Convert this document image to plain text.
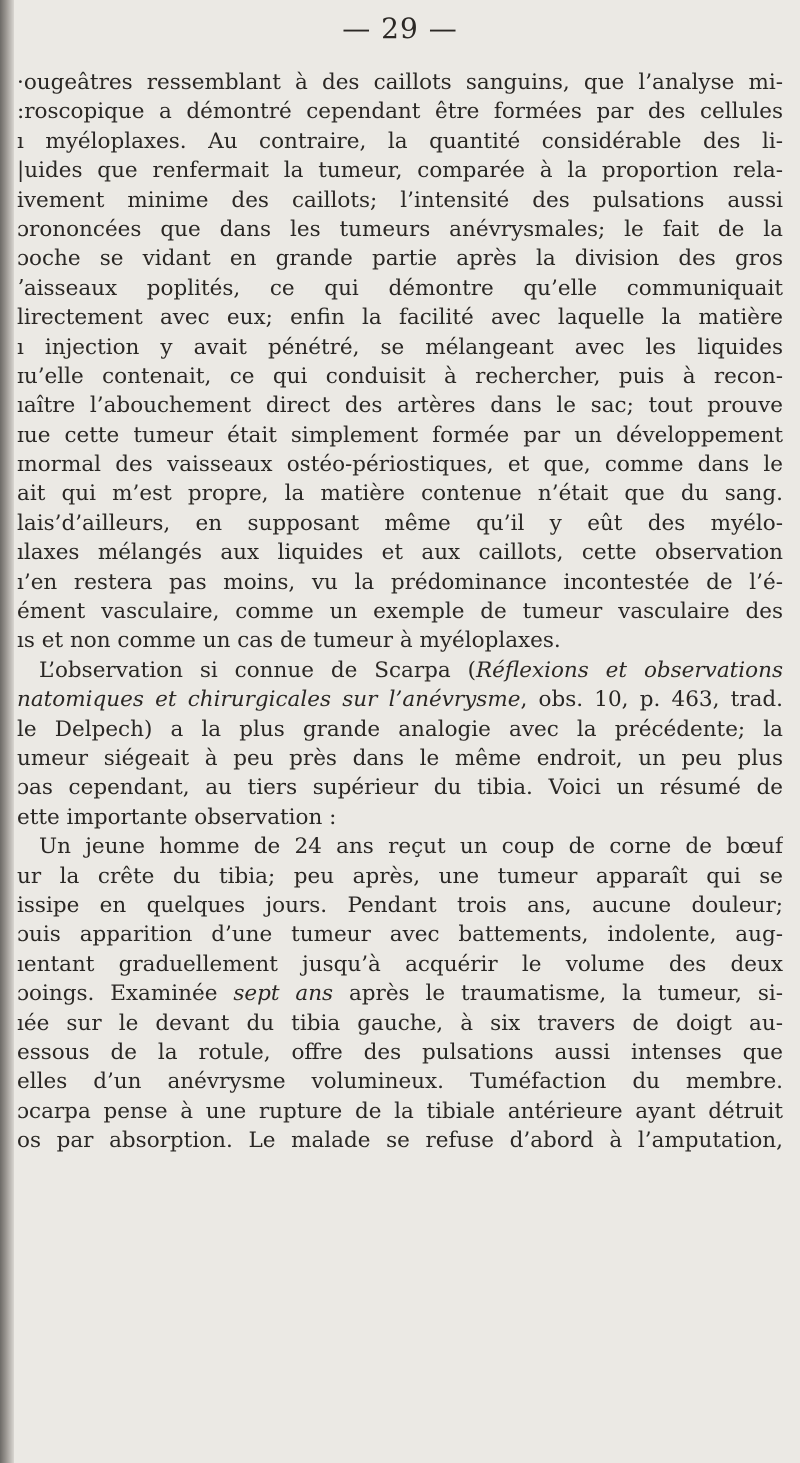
— 29 —
·ougeâtres ressemblant à des caillots sanguins, que l’analyse mi-
:roscopique a démontré cependant être formées par des cellules
ı myéloplaxes. Au contraire, la quantité considérable des li-
|uides que renfermait la tumeur, comparée à la proportion rela-
ivement minime des caillots; l’intensité des pulsations aussi
ɔrononcées que dans les tumeurs anévrysmales; le fait de la
ɔoche se vidant en grande partie après la division des gros
ʼaisseaux poplités, ce qui démontre qu’elle communiquait
lirectement avec eux; enfin la facilité avec laquelle la matière
ı injection y avait pénétré, se mélangeant avec les liquides
ɪu’elle contenait, ce qui conduisit à rechercher, puis à recon-
ıaître l’abouchement direct des artères dans le sac; tout prouve
ɪue cette tumeur était simplement formée par un développement
ɪnormal des vaisseaux ostéo-périostiques, et que, comme dans le
ait qui m’est propre, la matière contenue n’était que du sang.
lais’d’ailleurs, en supposant même qu’il y eût des myélo-
ılaxes mélangés aux liquides et aux caillots, cette observation
ı’en restera pas moins, vu la prédominance incontestée de l’é-
ément vasculaire, comme un exemple de tumeur vasculaire des
ıs et non comme un cas de tumeur à myéloplaxes.
L’observation si connue de Scarpa (Réflexions et observations
natomiques et chirurgicales sur l’anévrysme, obs. 10, p. 463, trad.
le Delpech) a la plus grande analogie avec la précédente; la
umeur siégeait à peu près dans le même endroit, un peu plus
ɔas cependant, au tiers supérieur du tibia. Voici un résumé de
ette importante observation :
Un jeune homme de 24 ans reçut un coup de corne de bœuf
ur la crête du tibia; peu après, une tumeur apparaît qui se
issipe en quelques jours. Pendant trois ans, aucune douleur;
ɔuis apparition d’une tumeur avec battements, indolente, aug-
ıentant graduellement jusqu’à acquérir le volume des deux
ɔoings. Examinée sept ans après le traumatisme, la tumeur, si-
ıée sur le devant du tibia gauche, à six travers de doigt au-
essous de la rotule, offre des pulsations aussi intenses que
elles d’un anévrysme volumineux. Tuméfaction du membre.
ɔcarpa pense à une rupture de la tibiale antérieure ayant détruit
os par absorption. Le malade se refuse d’abord à l’amputation,
